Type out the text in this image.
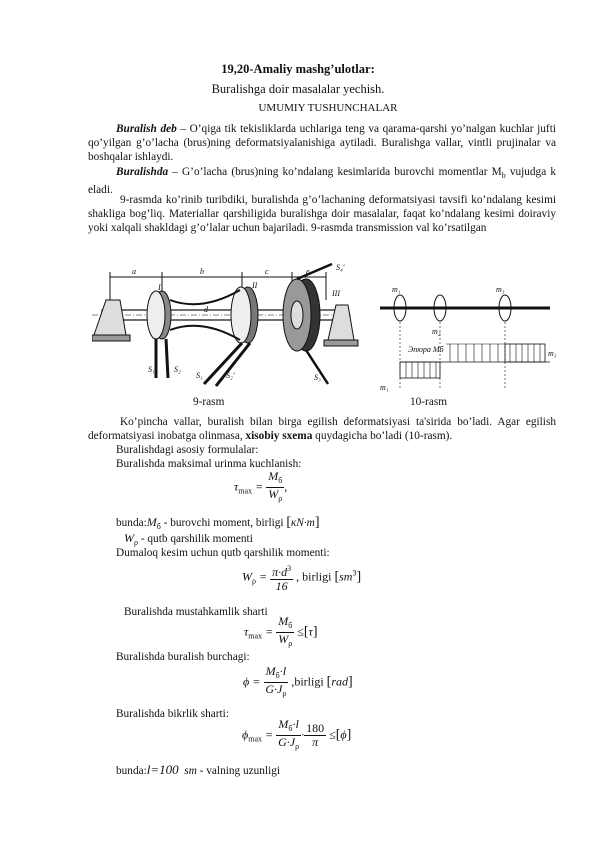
19,20-Amaliy mashg’ulotlar:
Buralishga doir masalalar yechish.
UMUMIY TUSHUNCHALAR
Buralish deb – O’qiga tik tekisliklarda uchlariga teng va qarama-qarshi yo’nalgan kuchlar jufti qo’yilgan g’o’lacha (brus)ning deformatsiyalanishiga aytiladi. Buralishga vallar, vintli prujinalar va boshqalar ishlaydi.
Buralishda – G’o’lacha (brus)ning ko’ndalang kesimlarida burovchi momentlar $M_b$ vujudga k eladi.
9-rasmda ko’rinib turibdiki, buralishda g’o’lachaning deformatsiyasi tavsifi ko’ndalang kesimi shakliga bog’liq. Materiallar qarshiligida buralishga doir masalalar, faqat ko’ndalang kesimi doiraviy yoki xalqali shakldagi g’o’lalar uchun bajariladi. 9-rasmda transmission val ko’rsatilgan
a	b	c	e
I	II
III
d
S₁' S₂
S₁	S₂'	S₃
S₄'
m₁	m₃
m₂
Эпюра Mб	m₃
m₁
9-rasm	10-rasm
Ko’pincha vallar, buralish bilan birga egilish deformatsiyasi ta'sirida bo’ladi. Agar egilish deformatsiyasi inobatga olinmasa, xisobiy sxema quydagicha bo’ladi (10-rasm).
Buralishdagi asosiy formulalar:
Buralishda maksimal urinma kuchlanish:
$\tau_{max} = \frac{M_б}{W_\rho}$ ,
$bunda:M_б$ - burovchi moment, birligi [кN·m]
$W_\rho$ - qutb qarshilik momenti
Dumaloq kesim uchun qutb qarshilik momenti:
$W_\rho = \frac{\pi\cdot d^3}{16}$ , birligi $[sm^3]$
Buralishda mustahkamlik sharti
$\tau_{max} = \frac{M_б}{W_\rho} \le[\tau]$
Buralishda buralish burchagi:
$\phi = \frac{M_б\cdot l}{G\cdot J_\rho}$ ,birligi [rad]
Buralishda bikrlik sharti:
$\phi_{max} = \frac{M_б\cdot l}{G\cdot J_\rho} \cdot \frac{180}{\pi} \le[\phi]$
bunda:l=100 sm - valning uzunligi
